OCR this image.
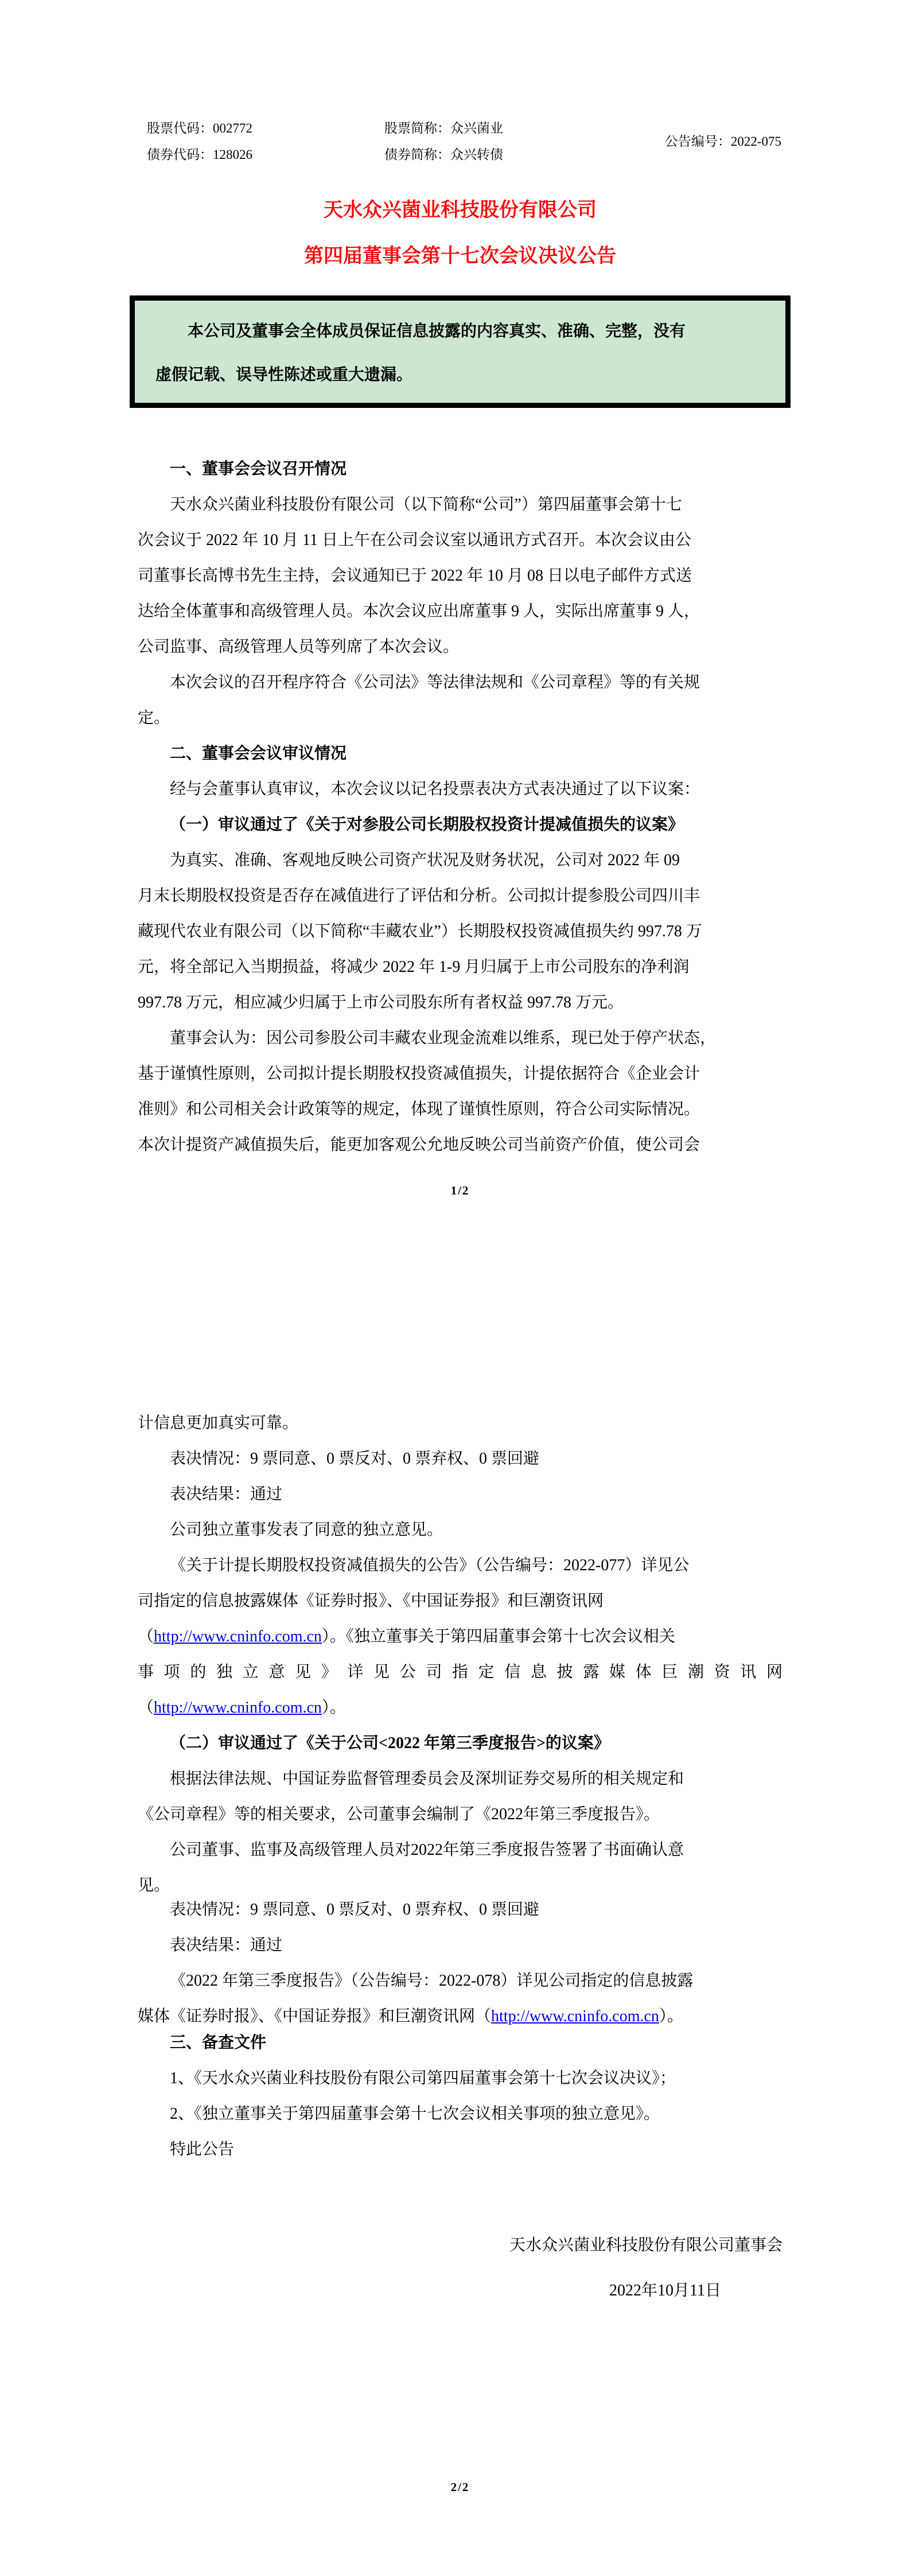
股票代码：002772
债券代码：128026
股票简称：众兴菌业
债券简称：众兴转债
公告编号：2022-075
天水众兴菌业科技股份有限公司
第四届董事会第十七次会议决议公告
本公司及董事会全体成员保证信息披露的内容真实、准确、完整，没有
虚假记载、误导性陈述或重大遗漏。
一、董事会会议召开情况
天水众兴菌业科技股份有限公司（以下简称“公司”）第四届董事会第十七
次会议于 2022 年 10 月 11 日上午在公司会议室以通讯方式召开。本次会议由公
司董事长高博书先生主持，会议通知已于 2022 年 10 月 08 日以电子邮件方式送
达给全体董事和高级管理人员。本次会议应出席董事 9 人，实际出席董事 9 人，
公司监事、高级管理人员等列席了本次会议。
本次会议的召开程序符合《公司法》等法律法规和《公司章程》等的有关规
定。
二、董事会会议审议情况
经与会董事认真审议，本次会议以记名投票表决方式表决通过了以下议案：
（一）审议通过了《关于对参股公司长期股权投资计提减值损失的议案》
为真实、准确、客观地反映公司资产状况及财务状况，公司对 2022 年 09
月末长期股权投资是否存在减值进行了评估和分析。公司拟计提参股公司四川丰
藏现代农业有限公司（以下简称“丰藏农业”）长期股权投资减值损失约 997.78 万
元，将全部记入当期损益，将减少 2022 年 1-9 月归属于上市公司股东的净利润
997.78 万元，相应减少归属于上市公司股东所有者权益 997.78 万元。
董事会认为：因公司参股公司丰藏农业现金流难以维系，现已处于停产状态，
基于谨慎性原则，公司拟计提长期股权投资减值损失，计提依据符合《企业会计
准则》和公司相关会计政策等的规定，体现了谨慎性原则，符合公司实际情况。
本次计提资产减值损失后，能更加客观公允地反映公司当前资产价值，使公司会
1/2
计信息更加真实可靠。
表决情况：9 票同意、0 票反对、0 票弃权、0 票回避
表决结果：通过
公司独立董事发表了同意的独立意见。
《关于计提长期股权投资减值损失的公告》（公告编号：2022-077）详见公
司指定的信息披露媒体《证券时报》、《中国证券报》和巨潮资讯网
（http://www.cninfo.com.cn）。《独立董事关于第四届董事会第十七次会议相关
事项的独立意见》详见公司指定信息披露媒体巨潮资讯网
（http://www.cninfo.com.cn）。
（二）审议通过了《关于公司<2022 年第三季度报告>的议案》
根据法律法规、中国证券监督管理委员会及深圳证券交易所的相关规定和
《公司章程》等的相关要求，公司董事会编制了《2022年第三季度报告》。
公司董事、监事及高级管理人员对2022年第三季度报告签署了书面确认意
见。
表决情况：9 票同意、0 票反对、0 票弃权、0 票回避
表决结果：通过
《2022 年第三季度报告》（公告编号：2022-078）详见公司指定的信息披露
媒体《证券时报》、《中国证券报》和巨潮资讯网（http://www.cninfo.com.cn）。
三、备查文件
1、《天水众兴菌业科技股份有限公司第四届董事会第十七次会议决议》；
2、《独立董事关于第四届董事会第十七次会议相关事项的独立意见》。
特此公告
天水众兴菌业科技股份有限公司董事会
2022年10月11日
2/2
